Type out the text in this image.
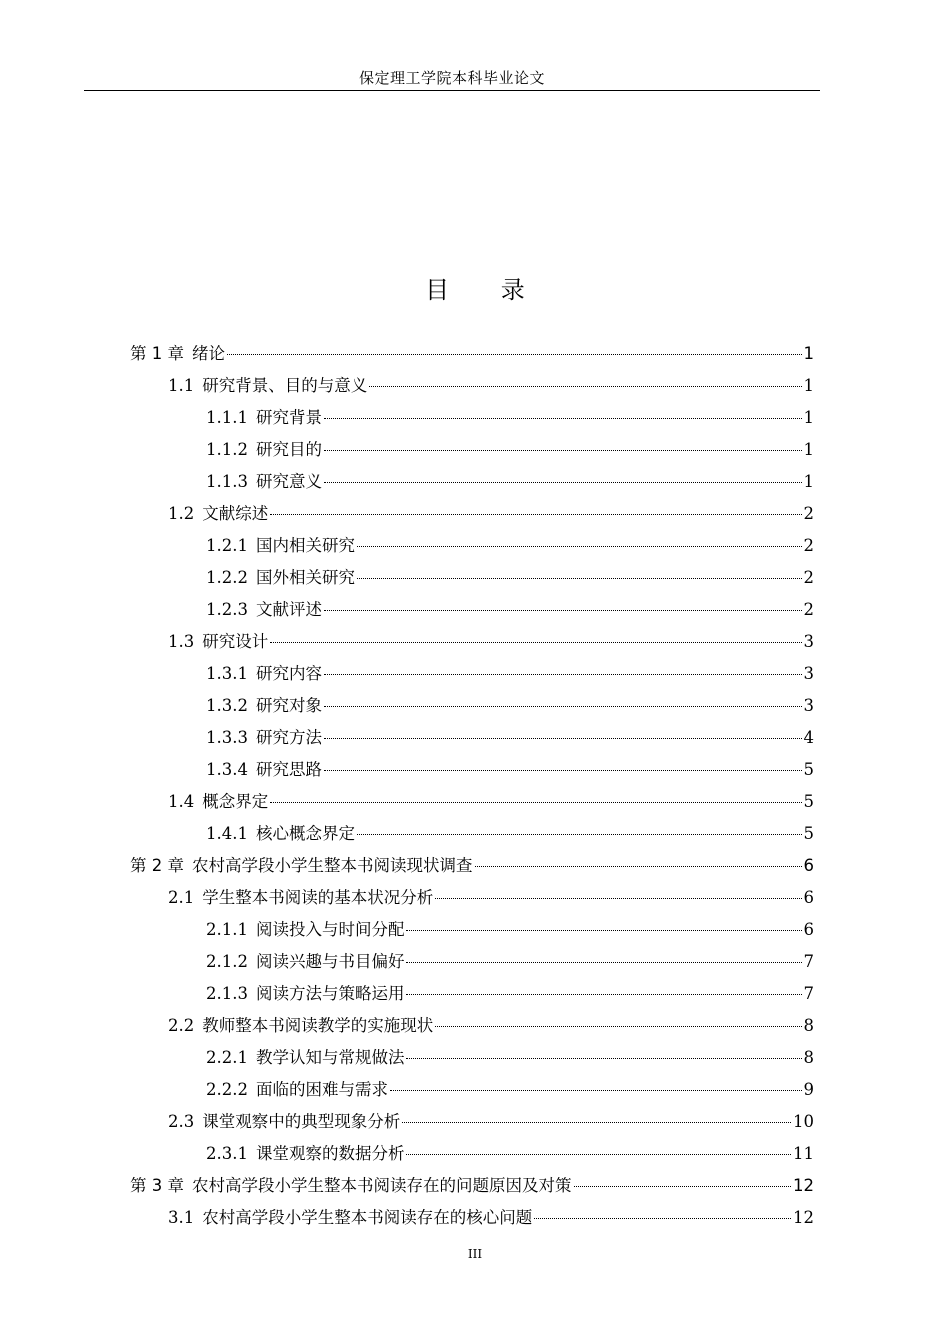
保定理工学院本科毕业论文
目 录
第 1 章 绪论	1
1.1 研究背景、目的与意义	1
1.1.1 研究背景	1
1.1.2 研究目的	1
1.1.3 研究意义	1
1.2 文献综述	2
1.2.1 国内相关研究	2
1.2.2 国外相关研究	2
1.2.3 文献评述	2
1.3 研究设计	3
1.3.1 研究内容	3
1.3.2 研究对象	3
1.3.3 研究方法	4
1.3.4 研究思路	5
1.4 概念界定	5
1.4.1 核心概念界定	5
第 2 章 农村高学段小学生整本书阅读现状调查	6
2.1 学生整本书阅读的基本状况分析	6
2.1.1 阅读投入与时间分配	6
2.1.2 阅读兴趣与书目偏好	7
2.1.3 阅读方法与策略运用	7
2.2 教师整本书阅读教学的实施现状	8
2.2.1 教学认知与常规做法	8
2.2.2 面临的困难与需求	9
2.3 课堂观察中的典型现象分析	10
2.3.1 课堂观察的数据分析	11
第 3 章 农村高学段小学生整本书阅读存在的问题原因及对策	12
3.1 农村高学段小学生整本书阅读存在的核心问题	12
III
